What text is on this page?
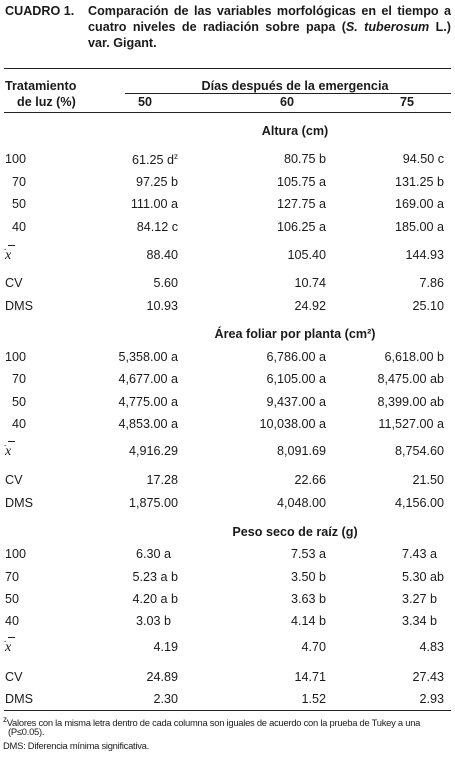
CUADRO 1. Comparación de las variables morfológicas en el tiempo a cuatro niveles de radiación sobre papa (S. tuberosum L.) var. Gigant.
Tratamiento
de luz (%)
Días después de la emergencia
50	60	75
Altura (cm)
100	61.25 $d^z$	80.75 b	94.50 c
70	97.25 b	105.75 a	131.25 b
50	111.00 a	127.75 a	169.00 a
40	84.12 c	106.25 a	185.00 a
.
x	88.40	105.40	144.93
CV	5.60	10.74	7.86
DMS	10.93	24.92	25.10
Área foliar por planta (cm²)
100	5,358.00 a	6,786.00 a	6,618.00 b
70	4,677.00 a	6,105.00 a	8,475.00 ab
50	4,775.00 a	9,437.00 a	8,399.00 ab
40	4,853.00 a	10,038.00 a	11,527.00 a
.
x	4,916.29	8,091.69	8,754.60
CV	17.28	22.66	21.50
DMS	1,875.00	4,048.00	4,156.00
Peso seco de raíz (g)
100	6.30 a	7.53 a	7.43 a
70	5.23 a b	3.50 b	5.30 ab
50	4.20 a b	3.63 b	3.27 b
40	3.03 b	4.14 b	3.34 b
.
x	4.19	4.70	4.83
CV	24.89	14.71	27.43
DMS	2.30	1.52	2.93
$^z$Valores con la misma letra dentro de cada columna son iguales de acuerdo con la prueba de Tukey a una
(P≤0.05).
DMS: Diferencia mínima significativa.
